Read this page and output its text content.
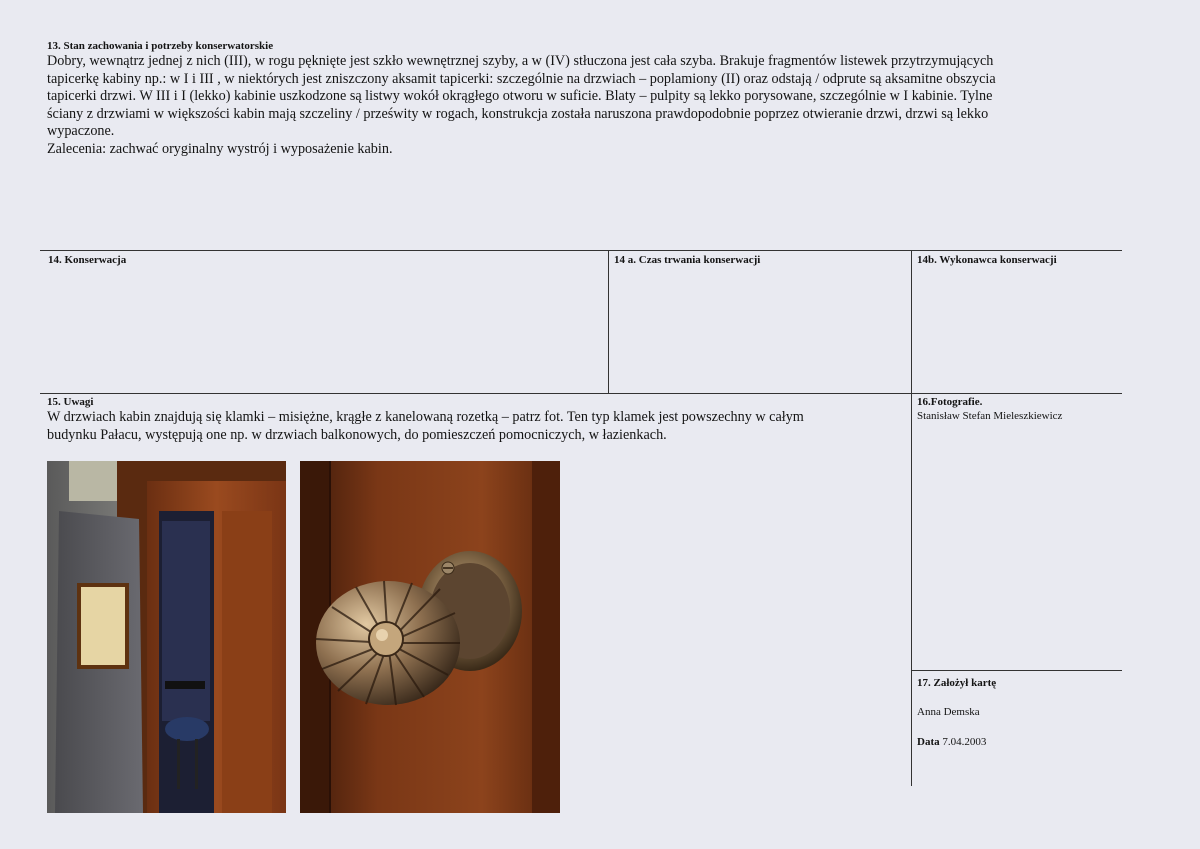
13. Stan zachowania i potrzeby konserwatorskie
Dobry, wewnątrz jednej z nich (III), w rogu pęknięte jest szkło wewnętrznej szyby, a w (IV) stłuczona jest cała szyba. Brakuje fragmentów listewek przytrzymujących
tapicerkę kabiny np.: w I i III , w niektórych jest zniszczony aksamit tapicerki: szczególnie na drzwiach – poplamiony (II) oraz odstają / odprute są aksamitne obszycia
tapicerki drzwi. W III i I (lekko) kabinie uszkodzone są listwy wokół okrągłego otworu w suficie. Blaty – pulpity są lekko porysowane, szczególnie w I kabinie. Tylne
ściany z drzwiami w większości kabin mają szczeliny / prześwity w rogach, konstrukcja została naruszona prawdopodobnie poprzez otwieranie drzwi, drzwi są lekko
wypaczone.
Zalecenia: zachwać oryginalny wystrój i wyposażenie kabin.
14. Konserwacja	14 a. Czas trwania konserwacji	14b. Wykonawca konserwacji
15. Uwagi
W drzwiach kabin znajdują się klamki – misiężne, krągłe z kanelowaną rozetką – patrz fot. Ten typ klamek jest powszechny w całym
budynku Pałacu, występują one np. w drzwiach balkonowych, do pomieszczeń pomocniczych, w łazienkach.
16.Fotografie.
Stanisław Stefan Mieleszkiewicz
17. Założył kartę
Anna Demska
Data 7.04.2003
